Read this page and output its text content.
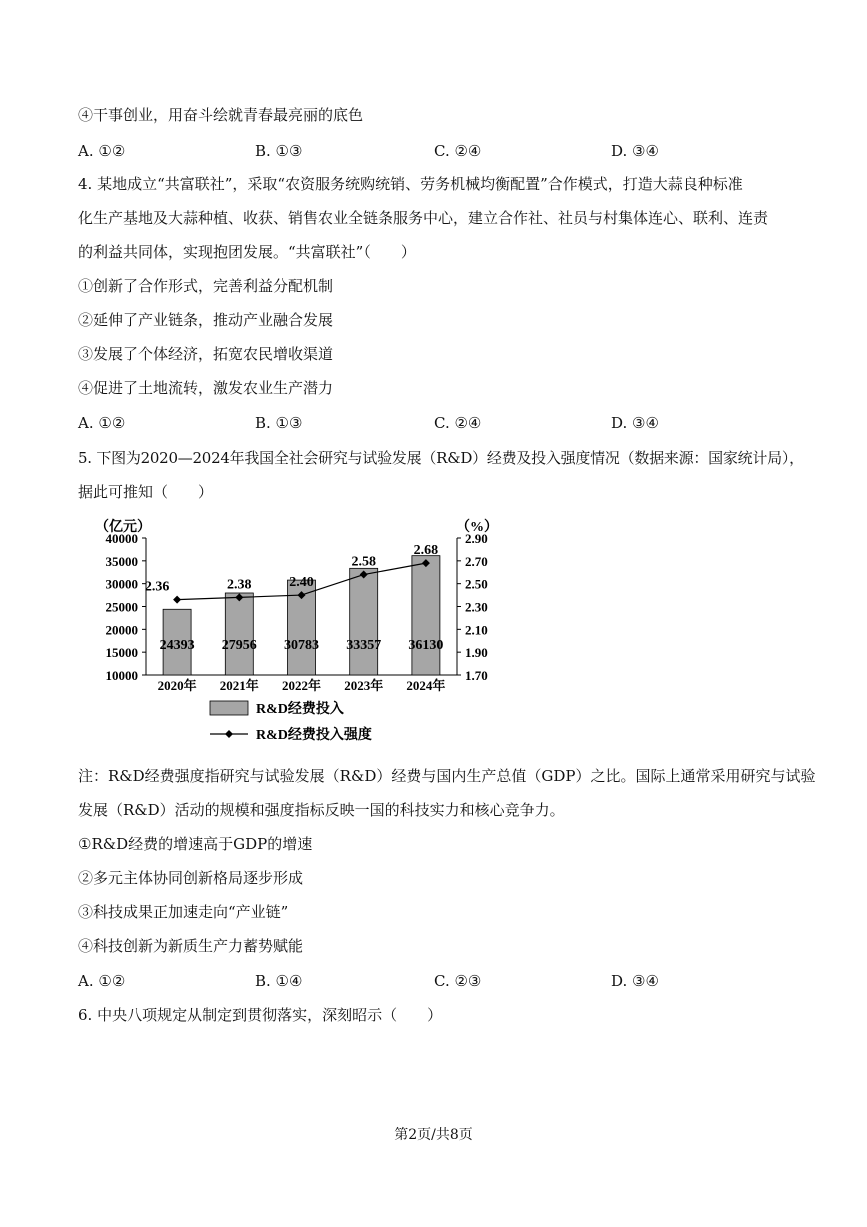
④干事创业，用奋斗绘就青春最亮丽的底色
A. ①②	B. ①③	C. ②④	D. ③④
4. 某地成立“共富联社”，采取“农资服务统购统销、劳务机械均衡配置”合作模式，打造大蒜良种标准
化生产基地及大蒜种植、收获、销售农业全链条服务中心，建立合作社、社员与村集体连心、联利、连责
的利益共同体，实现抱团发展。“共富联社”（　　）
①创新了合作形式，完善利益分配机制
②延伸了产业链条，推动产业融合发展
③发展了个体经济，拓宽农民增收渠道
④促进了土地流转，激发农业生产潜力
A. ①②	B. ①③	C. ②④	D. ③④
5. 下图为2020—2024年我国全社会研究与试验发展（R&D）经费及投入强度情况（数据来源：国家统计局），
据此可推知（　　）
（亿元）	（%）
40000
35000
30000
25000
20000
15000
10000
2.90
2.70
2.50
2.30
2.10
1.90
1.70
24393 27956 30783 33357 36130
2.36	2.38	2.40
2.58
2.68
2020年 2021年 2022年 2023年 2024年
R&D经费投入
R&D经费投入强度
注：R&D经费强度指研究与试验发展（R&D）经费与国内生产总值（GDP）之比。国际上通常采用研究与试验
发展（R&D）活动的规模和强度指标反映一国的科技实力和核心竞争力。
①R&D经费的增速高于GDP的增速
②多元主体协同创新格局逐步形成
③科技成果正加速走向“产业链”
④科技创新为新质生产力蓄势赋能
A. ①②	B. ①④	C. ②③	D. ③④
6. 中央八项规定从制定到贯彻落实，深刻昭示（　　）
第2页/共8页
